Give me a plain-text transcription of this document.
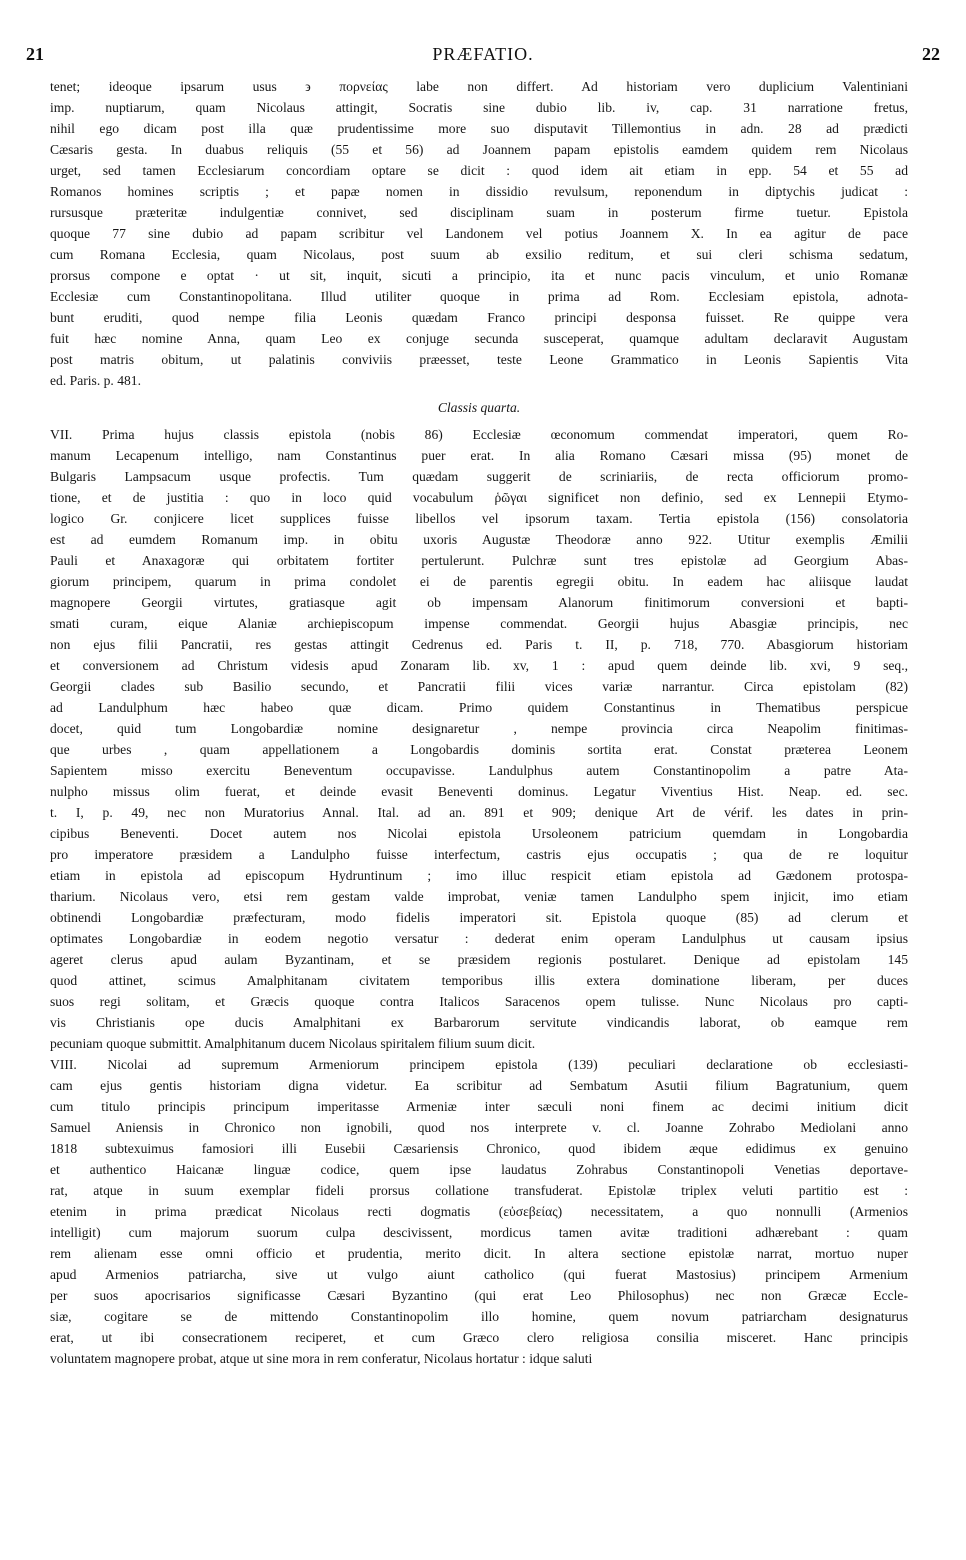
21	PRÆFATIO.	22
tenet; ideoque ipsarum usus ϶ πορνείας labe non differt. Ad historiam vero duplicium Valentiniani
imp. nuptiarum, quam Nicolaus attingit, Socratis sine dubio lib. iv, cap. 31 narratione fretus,
nihil ego dicam post illa quæ prudentissime more suo disputavit Tillemontius in adn. 28 ad prædicti
Cæsaris gesta. In duabus reliquis (55 et 56) ad Joannem papam epistolis eamdem quidem rem Nicolaus
urget, sed tamen Ecclesiarum concordiam optare se dicit : quod idem ait etiam in epp. 54 et 55 ad
Romanos homines scriptis ; et papæ nomen in dissidio revulsum, reponendum in diptychis judicat :
rursusque præteritæ indulgentiæ connivet, sed disciplinam suam in posterum firme tuetur. Epistola
quoque 77 sine dubio ad papam scribitur vel Landonem vel potius Joannem X. In ea agitur de pace
cum Romana Ecclesia, quam Nicolaus, post suum ab exsilio reditum, et sui cleri schisma sedatum,
prorsus compone e optat · ut sit, inquit, sicuti a principio, ita et nunc pacis vinculum, et unio Romanæ
Ecclesiæ cum Constantinopolitana. Illud utiliter quoque in prima ad Rom. Ecclesiam epistola, adnota-
bunt eruditi, quod nempe filia Leonis quædam Franco principi desponsa fuisset. Re quippe vera
fuit hæc nomine Anna, quam Leo ex conjuge secunda susceperat, quamque adultam declaravit Augustam
post matris obitum, ut palatinis conviviis præesset, teste Leone Grammatico in Leonis Sapientis Vita
ed. Paris. p. 481.
Classis quarta.
VII. Prima hujus classis epistola (nobis 86) Ecclesiæ œconomum commendat imperatori, quem Ro-
manum Lecapenum intelligo, nam Constantinus puer erat. In alia Romano Cæsari missa (95) monet de
Bulgaris Lampsacum usque profectis. Tum quædam suggerit de scriniariis, de recta officiorum promo-
tione, et de justitia : quo in loco quid vocabulum ῥῶγαι significet non definio, sed ex Lennepii Etymo-
logico Gr. conjicere licet supplices fuisse libellos vel ipsorum taxam. Tertia epistola (156) consolatoria
est ad eumdem Romanum imp. in obitu uxoris Augustæ Theodoræ anno 922. Utitur exemplis Æmilii
Pauli et Anaxagoræ qui orbitatem fortiter pertulerunt. Pulchræ sunt tres epistolæ ad Georgium Abas-
giorum principem, quarum in prima condolet ei de parentis egregii obitu. In eadem hac aliisque laudat
magnopere Georgii virtutes, gratiasque agit ob impensam Alanorum finitimorum conversioni et bapti-
smati curam, eique Alaniæ archiepiscopum impense commendat. Georgii hujus Abasgiæ principis, nec
non ejus filii Pancratii, res gestas attingit Cedrenus ed. Paris t. II, p. 718, 770. Abasgiorum historiam
et conversionem ad Christum videsis apud Zonaram lib. xv, 1 : apud quem deinde lib. xvi, 9 seq.,
Georgii clades sub Basilio secundo, et Pancratii filii vices variæ narrantur. Circa epistolam (82)
ad Landulphum hæc habeo quæ dicam. Primo quidem Constantinus in Thematibus perspicue
docet, quid tum Longobardiæ nomine designaretur , nempe provincia circa Neapolim finitimas-
que urbes , quam appellationem a Longobardis dominis sortita erat. Constat præterea Leonem
Sapientem misso exercitu Beneventum occupavisse. Landulphus autem Constantinopolim a patre Ata-
nulpho missus olim fuerat, et deinde evasit Beneventi dominus. Legatur Viventius Hist. Neap. ed. sec.
t. I, p. 49, nec non Muratorius Annal. Ital. ad an. 891 et 909; denique Art de vérif. les dates in prin-
cipibus Beneventi. Docet autem nos Nicolai epistola Ursoleonem patricium quemdam in Longobardia
pro imperatore præsidem a Landulpho fuisse interfectum, castris ejus occupatis ; qua de re loquitur
etiam in epistola ad episcopum Hydruntinum ; imo illuc respicit etiam epistola ad Gædonem protospa-
tharium. Nicolaus vero, etsi rem gestam valde improbat, veniæ tamen Landulpho spem injicit, imo etiam
obtinendi Longobardiæ præfecturam, modo fidelis imperatori sit. Epistola quoque (85) ad clerum et
optimates Longobardiæ in eodem negotio versatur : dederat enim operam Landulphus ut causam ipsius
ageret clerus apud aulam Byzantinam, et se præsidem regionis postularet. Denique ad epistolam 145
quod attinet, scimus Amalphitanam civitatem temporibus illis extera dominatione liberam, per duces
suos regi solitam, et Græcis quoque contra Italicos Saracenos opem tulisse. Nunc Nicolaus pro capti-
vis Christianis ope ducis Amalphitani ex Barbarorum servitute vindicandis laborat, ob eamque rem
pecuniam quoque submittit. Amalphitanum ducem Nicolaus spiritalem filium suum dicit.
VIII. Nicolai ad supremum Armeniorum principem epistola (139) peculiari declaratione ob ecclesiasti-
cam ejus gentis historiam digna videtur. Ea scribitur ad Sembatum Asutii filium Bagratunium, quem
cum titulo principis principum imperitasse Armeniæ inter sæculi noni finem ac decimi initium dicit
Samuel Aniensis in Chronico non ignobili, quod nos interprete v. cl. Joanne Zohrabo Mediolani anno
1818 subtexuimus famosiori illi Eusebii Cæsariensis Chronico, quod ibidem æque edidimus ex genuino
et authentico Haicanæ linguæ codice, quem ipse laudatus Zohrabus Constantinopoli Venetias deportave-
rat, atque in suum exemplar fideli prorsus collatione transfuderat. Epistolæ triplex veluti partitio est :
etenim in prima prædicat Nicolaus recti dogmatis (εὐσεβείας) necessitatem, a quo nonnulli (Armenios
intelligit) cum majorum suorum culpa descivissent, mordicus tamen avitæ traditioni adhærebant : quam
rem alienam esse omni officio et prudentia, merito dicit. In altera sectione epistolæ narrat, mortuo nuper
apud Armenios patriarcha, sive ut vulgo aiunt catholico (qui fuerat Mastosius) principem Armenium
per suos apocrisarios significasse Cæsari Byzantino (qui erat Leo Philosophus) nec non Græcæ Eccle-
siæ, cogitare se de mittendo Constantinopolim illo homine, quem novum patriarcham designaturus
erat, ut ibi consecrationem reciperet, et cum Græco clero religiosa consilia misceret. Hanc principis
voluntatem magnopere probat, atque ut sine mora in rem conferatur, Nicolaus hortatur : idque saluti
